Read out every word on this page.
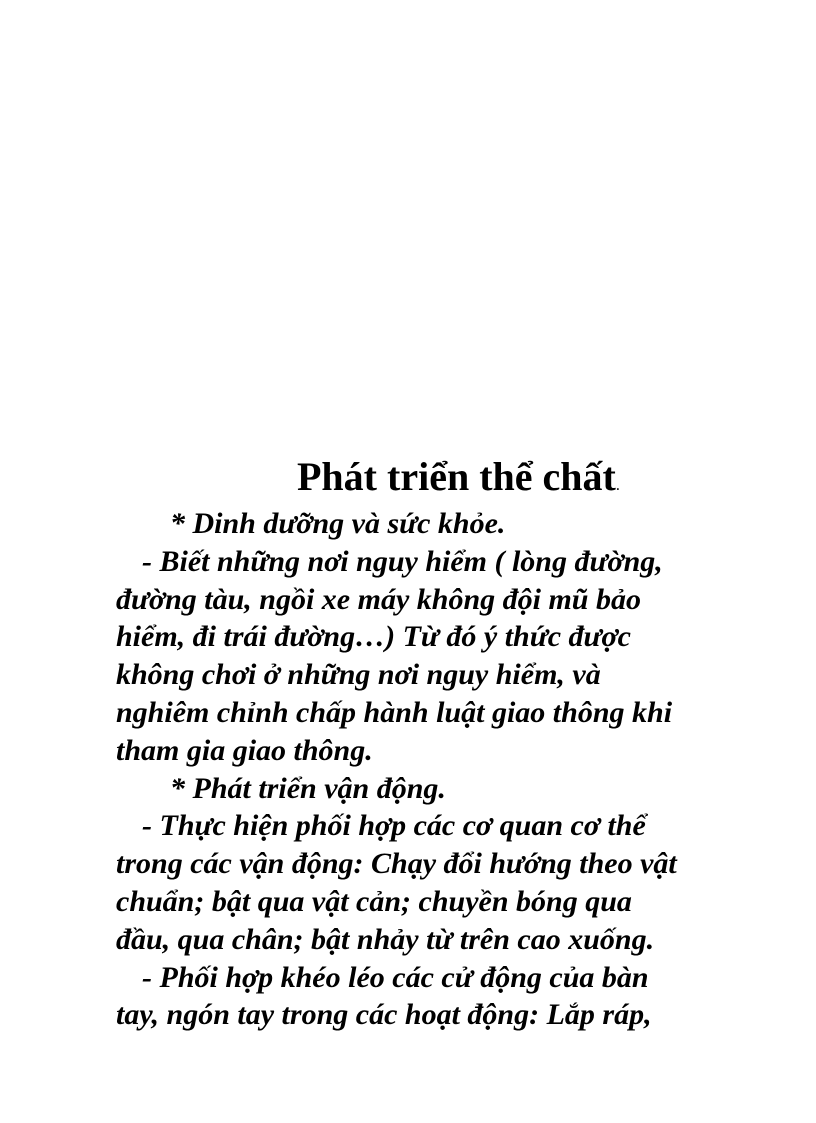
Phát triển thể chất.
* Dinh dưỡng và sức khỏe.
- Biết những nơi nguy hiểm ( lòng đường,
đường tàu, ngồi xe máy không đội mũ bảo
hiểm, đi trái đường…) Từ đó ý thức được
không chơi ở những nơi nguy hiểm, và
nghiêm chỉnh chấp hành luật giao thông khi
tham gia giao thông.
* Phát triển vận động.
- Thực hiện phối hợp các cơ quan cơ thể
trong các vận động: Chạy đổi hướng theo vật
chuẩn; bật qua vật cản; chuyền bóng qua
đầu, qua chân; bật nhảy từ trên cao xuống.
- Phối hợp khéo léo các cử động của bàn
tay, ngón tay trong các hoạt động: Lắp ráp,
